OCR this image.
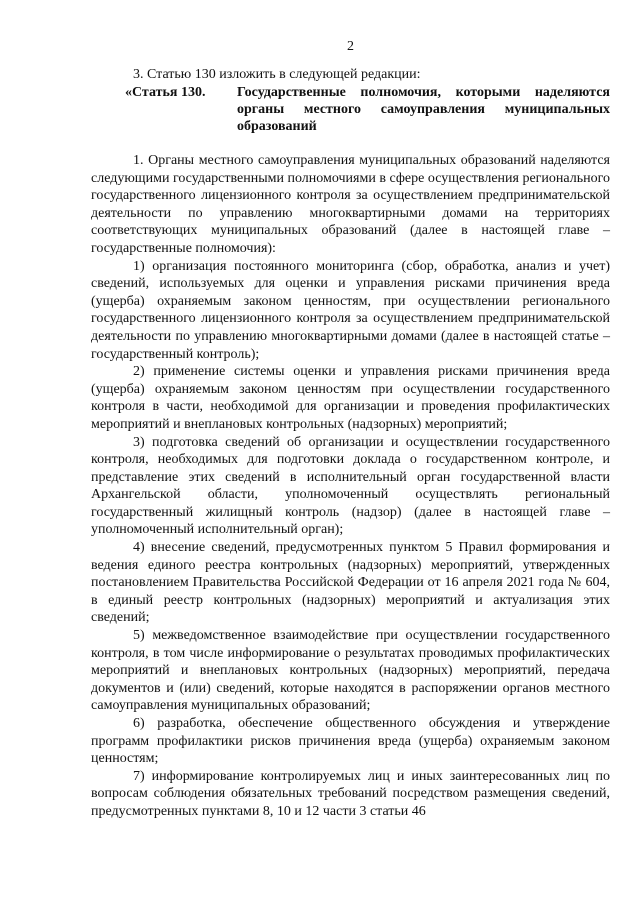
2
3. Статью 130 изложить в следующей редакции:
«Статья 130. Государственные полномочия, которыми наделяются органы местного самоуправления муниципальных образований

1. Органы местного самоуправления муниципальных образований наделяются следующими государственными полномочиями в сфере осуществления регионального государственного лицензионного контроля за осуществлением предпринимательской деятельности по управлению многоквартирными домами на территориях соответствующих муниципальных образований (далее в настоящей главе – государственные полномочия):

1) организация постоянного мониторинга (сбор, обработка, анализ и учет) сведений, используемых для оценки и управления рисками причинения вреда (ущерба) охраняемым законом ценностям, при осуществлении регионального государственного лицензионного контроля за осуществлением предпринимательской деятельности по управлению многоквартирными домами (далее в настоящей статье – государственный контроль);

2) применение системы оценки и управления рисками причинения вреда (ущерба) охраняемым законом ценностям при осуществлении государственного контроля в части, необходимой для организации и проведения профилактических мероприятий и внеплановых контрольных (надзорных) мероприятий;

3) подготовка сведений об организации и осуществлении государственного контроля, необходимых для подготовки доклада о государственном контроле, и представление этих сведений в исполнительный орган государственной власти Архангельской области, уполномоченный осуществлять региональный государственный жилищный контроль (надзор) (далее в настоящей главе – уполномоченный исполнительный орган);

4) внесение сведений, предусмотренных пунктом 5 Правил формирования и ведения единого реестра контрольных (надзорных) мероприятий, утвержденных постановлением Правительства Российской Федерации от 16 апреля 2021 года № 604, в единый реестр контрольных (надзорных) мероприятий и актуализация этих сведений;

5) межведомственное взаимодействие при осуществлении государственного контроля, в том числе информирование о результатах проводимых профилактических мероприятий и внеплановых контрольных (надзорных) мероприятий, передача документов и (или) сведений, которые находятся в распоряжении органов местного самоуправления муниципальных образований;

6) разработка, обеспечение общественного обсуждения и утверждение программ профилактики рисков причинения вреда (ущерба) охраняемым законом ценностям;

7) информирование контролируемых лиц и иных заинтересованных лиц по вопросам соблюдения обязательных требований посредством размещения сведений, предусмотренных пунктами 8, 10 и 12 части 3 статьи 46
